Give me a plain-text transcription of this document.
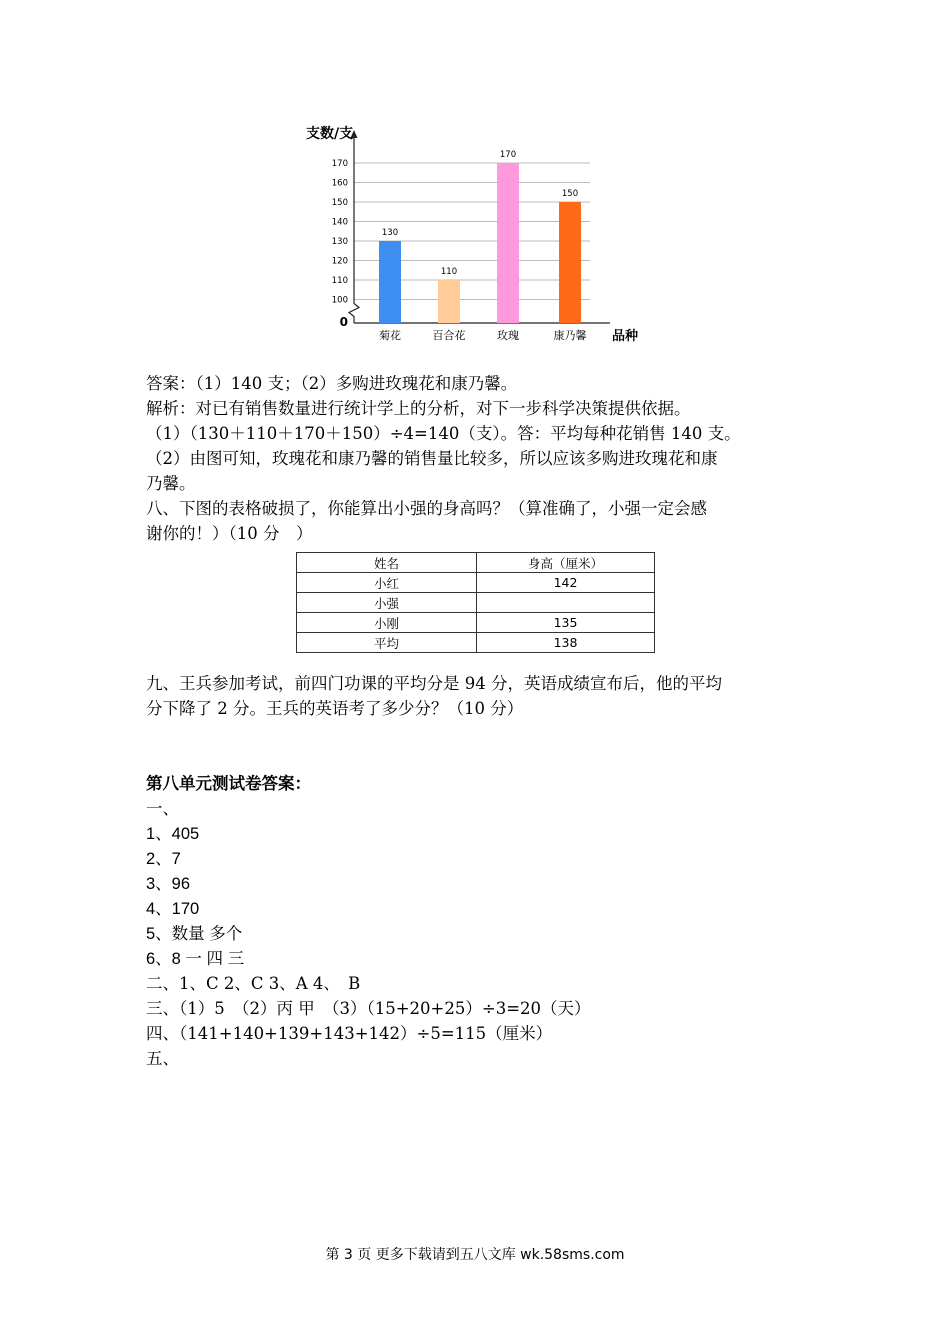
0
100
110
120
130
140
150
160
170
支数/支
品种
130
菊花
110
百合花
170
玫瑰
150
康乃馨
答案：（1）140 支；（2）多购进玫瑰花和康乃馨。
解析：对已有销售数量进行统计学上的分析，对下一步科学决策提供依据。
（1）（130＋110＋170＋150）÷4=140（支）。答：平均每种花销售 140 支。
（2）由图可知，玫瑰花和康乃馨的销售量比较多，所以应该多购进玫瑰花和康
乃馨。
八、下图的表格破损了，你能算出小强的身高吗？（算准确了，小强一定会感
谢你的！）（10 分　）
姓名	身高（厘米）
小红	142
小强	
小刚	135
平均	138
九、王兵参加考试，前四门功课的平均分是 94 分，英语成绩宣布后，他的平均
分下降了 2 分。王兵的英语考了多少分？（10 分）
第八单元测试卷答案：
一、
1、405
2、7
3、96
4、170
5、数量 多个
6、8 一 四 三
二、1、C 2、C 3、A 4、　B
三、（1）5　（2）丙 甲　（3）（15+20+25）÷3=20（天）
四、（141+140+139+143+142）÷5=115（厘米）
五、
第 3 页 更多下载请到五八文库 wk.58sms.com
